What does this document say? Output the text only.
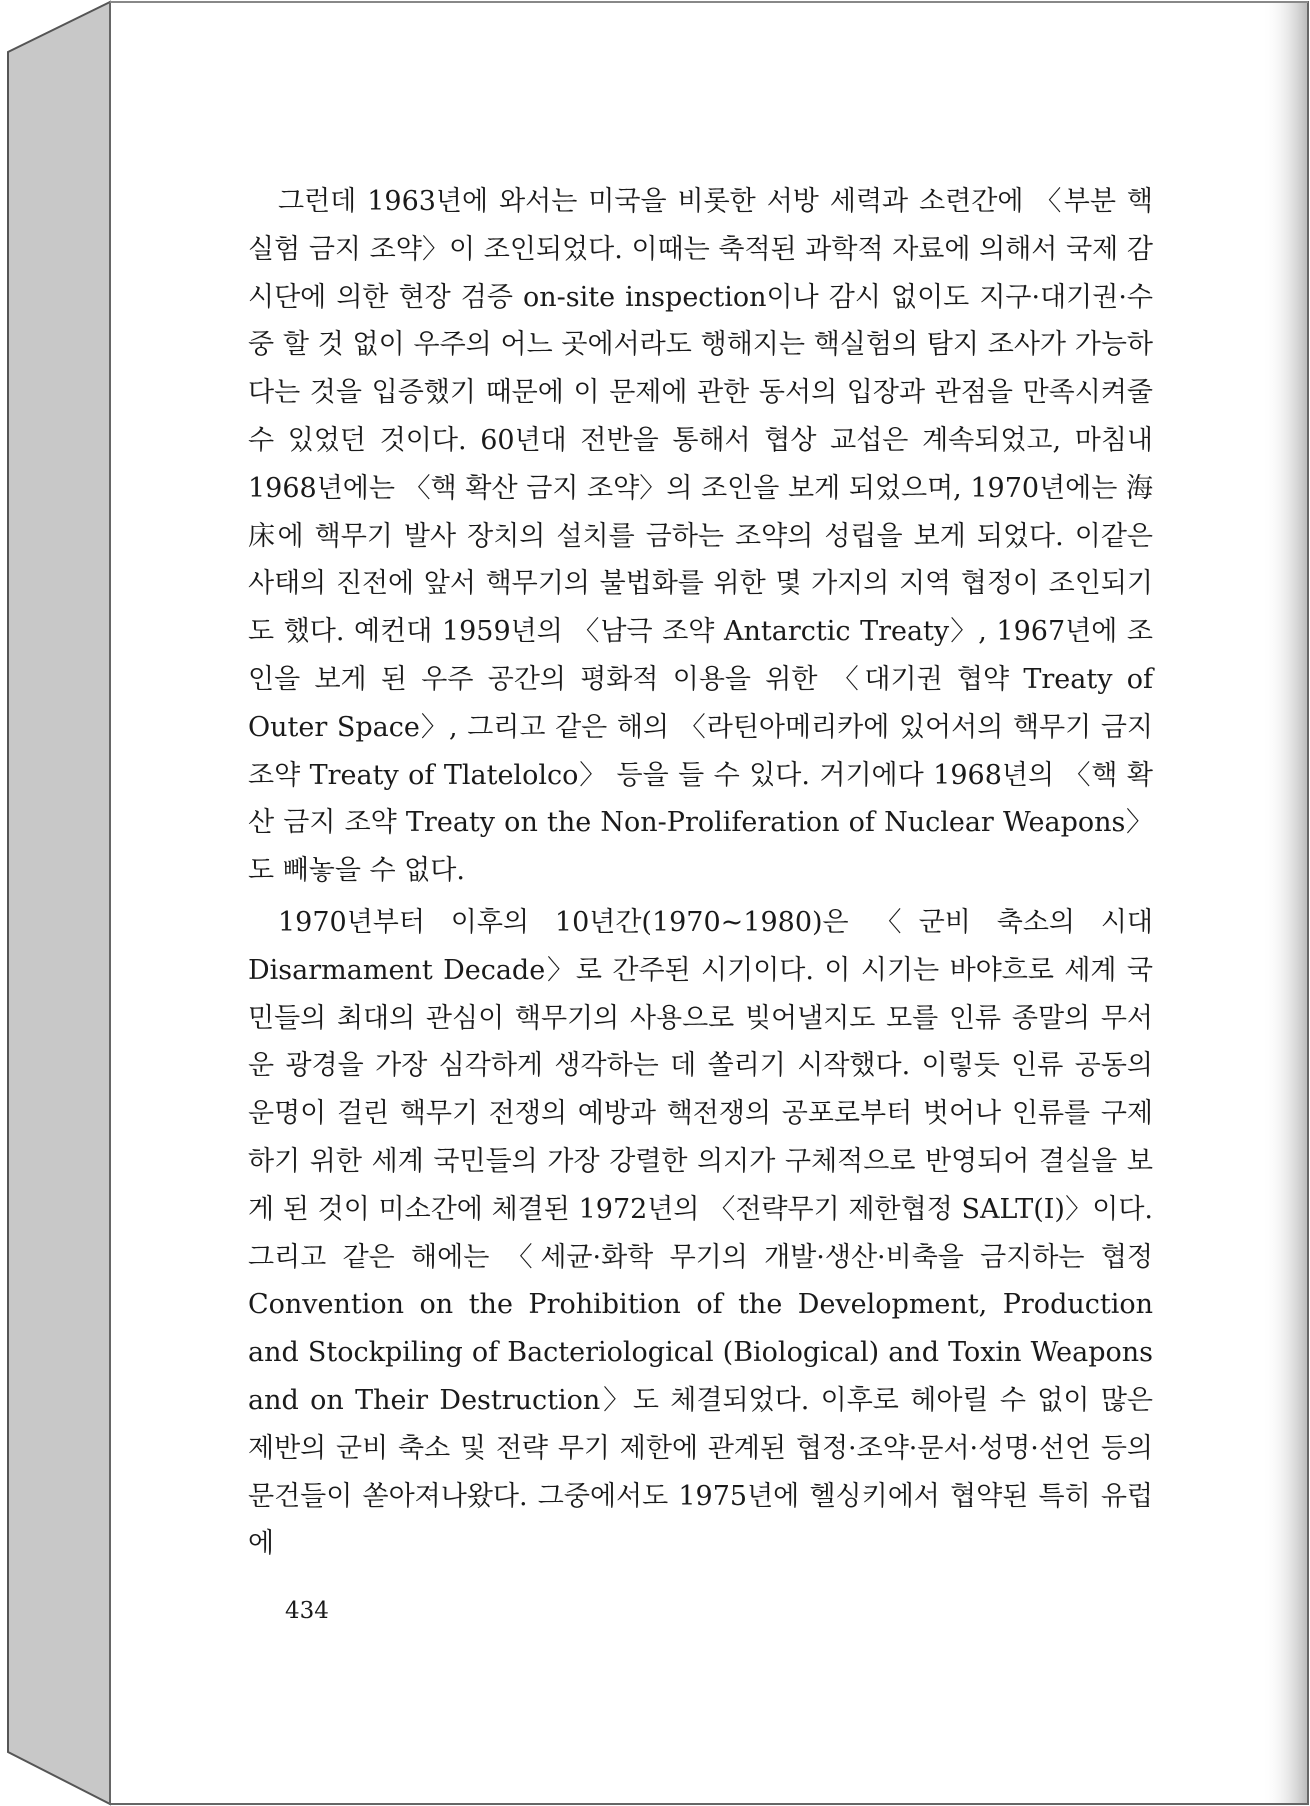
그런데 1963년에 와서는 미국을 비롯한 서방 세력과 소련간에 〈부분 핵실험 금지 조약〉이 조인되었다. 이때는 축적된 과학적 자료에 의해서 국제 감시단에 의한 현장 검증 on-site inspection이나 감시 없이도 지구·대기권·수중 할 것 없이 우주의 어느 곳에서라도 행해지는 핵실험의 탐지 조사가 가능하다는 것을 입증했기 때문에 이 문제에 관한 동서의 입장과 관점을 만족시켜줄 수 있었던 것이다. 60년대 전반을 통해서 협상 교섭은 계속되었고, 마침내 1968년에는 〈핵 확산 금지 조약〉의 조인을 보게 되었으며, 1970년에는 海床에 핵무기 발사 장치의 설치를 금하는 조약의 성립을 보게 되었다. 이같은 사태의 진전에 앞서 핵무기의 불법화를 위한 몇 가지의 지역 협정이 조인되기도 했다. 예컨대 1959년의 〈남극 조약 Antarctic Treaty〉, 1967년에 조인을 보게 된 우주 공간의 평화적 이용을 위한 〈대기권 협약 Treaty of Outer Space〉, 그리고 같은 해의 〈라틴아메리카에 있어서의 핵무기 금지 조약 Treaty of Tlatelolco〉 등을 들 수 있다. 거기에다 1968년의 〈핵 확산 금지 조약 Treaty on the Non-Proliferation of Nuclear Weapons〉도 빼놓을 수 없다.

1970년부터 이후의 10년간(1970~1980)은 〈군비 축소의 시대 Disarmament Decade〉로 간주된 시기이다. 이 시기는 바야흐로 세계 국민들의 최대의 관심이 핵무기의 사용으로 빚어낼지도 모를 인류 종말의 무서운 광경을 가장 심각하게 생각하는 데 쏠리기 시작했다. 이렇듯 인류 공동의 운명이 걸린 핵무기 전쟁의 예방과 핵전쟁의 공포로부터 벗어나 인류를 구제하기 위한 세계 국민들의 가장 강렬한 의지가 구체적으로 반영되어 결실을 보게 된 것이 미소간에 체결된 1972년의 〈전략무기 제한협정 SALT(I)〉이다. 그리고 같은 해에는 〈세균·화학 무기의 개발·생산·비축을 금지하는 협정 Convention on the Prohibition of the Development, Production and Stockpiling of Bacteriological (Biological) and Toxin Weapons and on Their Destruction〉도 체결되었다. 이후로 헤아릴 수 없이 많은 제반의 군비 축소 및 전략 무기 제한에 관계된 협정·조약·문서·성명·선언 등의 문건들이 쏟아져나왔다. 그중에서도 1975년에 헬싱키에서 협약된 특히 유럽에

434
